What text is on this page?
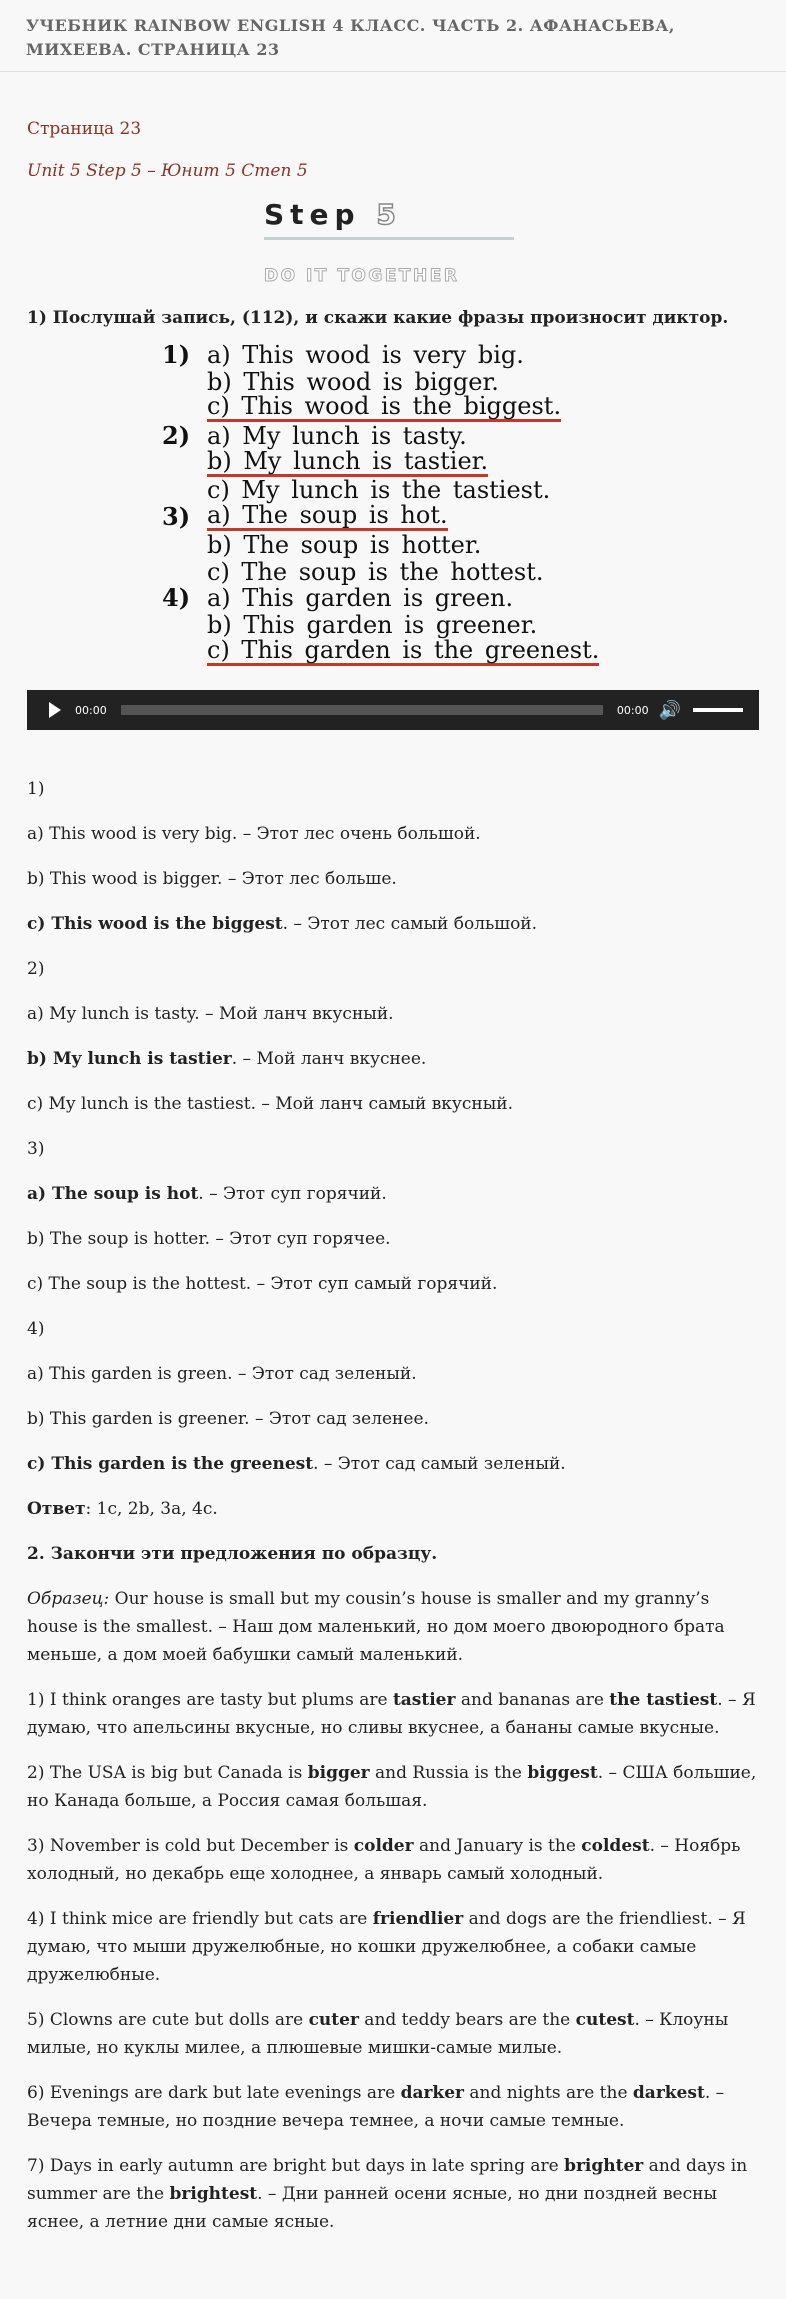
УЧЕБНИК RAINBOW ENGLISH 4 КЛАСС. ЧАСТЬ 2. АФАНАСЬЕВА, МИХЕЕВА. СТРАНИЦА 23
Страница 23
Unit 5 Step 5 – Юнит 5 Степ 5
Step 5
DO IT TOGETHER
1) Послушай запись, (112), и скажи какие фразы произносит диктор.
1) a) This wood is very big.
b) This wood is bigger.
c) This wood is the biggest.
2) a) My lunch is tasty.
b) My lunch is tastier.
c) My lunch is the tastiest.
3) a) The soup is hot.
b) The soup is hotter.
c) The soup is the hottest.
4) a) This garden is green.
b) This garden is greener.
c) This garden is the greenest.
00:00	00:00 🔊
1)
a) This wood is very big. – Этот лес очень большой.
b) This wood is bigger. – Этот лес больше.
c) This wood is the biggest. – Этот лес самый большой.
2)
a) My lunch is tasty. – Мой ланч вкусный.
b) My lunch is tastier. – Мой ланч вкуснее.
c) My lunch is the tastiest. – Мой ланч самый вкусный.
3)
a) The soup is hot. – Этот суп горячий.
b) The soup is hotter. – Этот суп горячее.
c) The soup is the hottest. – Этот суп самый горячий.
4)
a) This garden is green. – Этот сад зеленый.
b) This garden is greener. – Этот сад зеленее.
c) This garden is the greenest. – Этот сад самый зеленый.
Ответ: 1c, 2b, 3a, 4c.
2. Закончи эти предложения по образцу.
Образец: Our house is small but my cousin’s house is smaller and my granny’s house is the smallest. – Наш дом маленький, но дом моего двоюродного брата меньше, а дом моей бабушки самый маленький.
1) I think oranges are tasty but plums are tastier and bananas are the tastiest. – Я думаю, что апельсины вкусные, но сливы вкуснее, а бананы самые вкусные.
2) The USA is big but Canada is bigger and Russia is the biggest. – США большие, но Канада больше, а Россия самая большая.
3) November is cold but December is colder and January is the coldest. – Ноябрь холодный, но декабрь еще холоднее, а январь самый холодный.
4) I think mice are friendly but cats are friendlier and dogs are the friendliest. – Я думаю, что мыши дружелюбные, но кошки дружелюбнее, а собаки самые дружелюбные.
5) Clowns are cute but dolls are cuter and teddy bears are the cutest. – Клоуны милые, но куклы милее, а плюшевые мишки-самые милые.
6) Evenings are dark but late evenings are darker and nights are the darkest. – Вечера темные, но поздние вечера темнее, а ночи самые темные.
7) Days in early autumn are bright but days in late spring are brighter and days in summer are the brightest. – Дни ранней осени ясные, но дни поздней весны яснее, а летние дни самые ясные.
